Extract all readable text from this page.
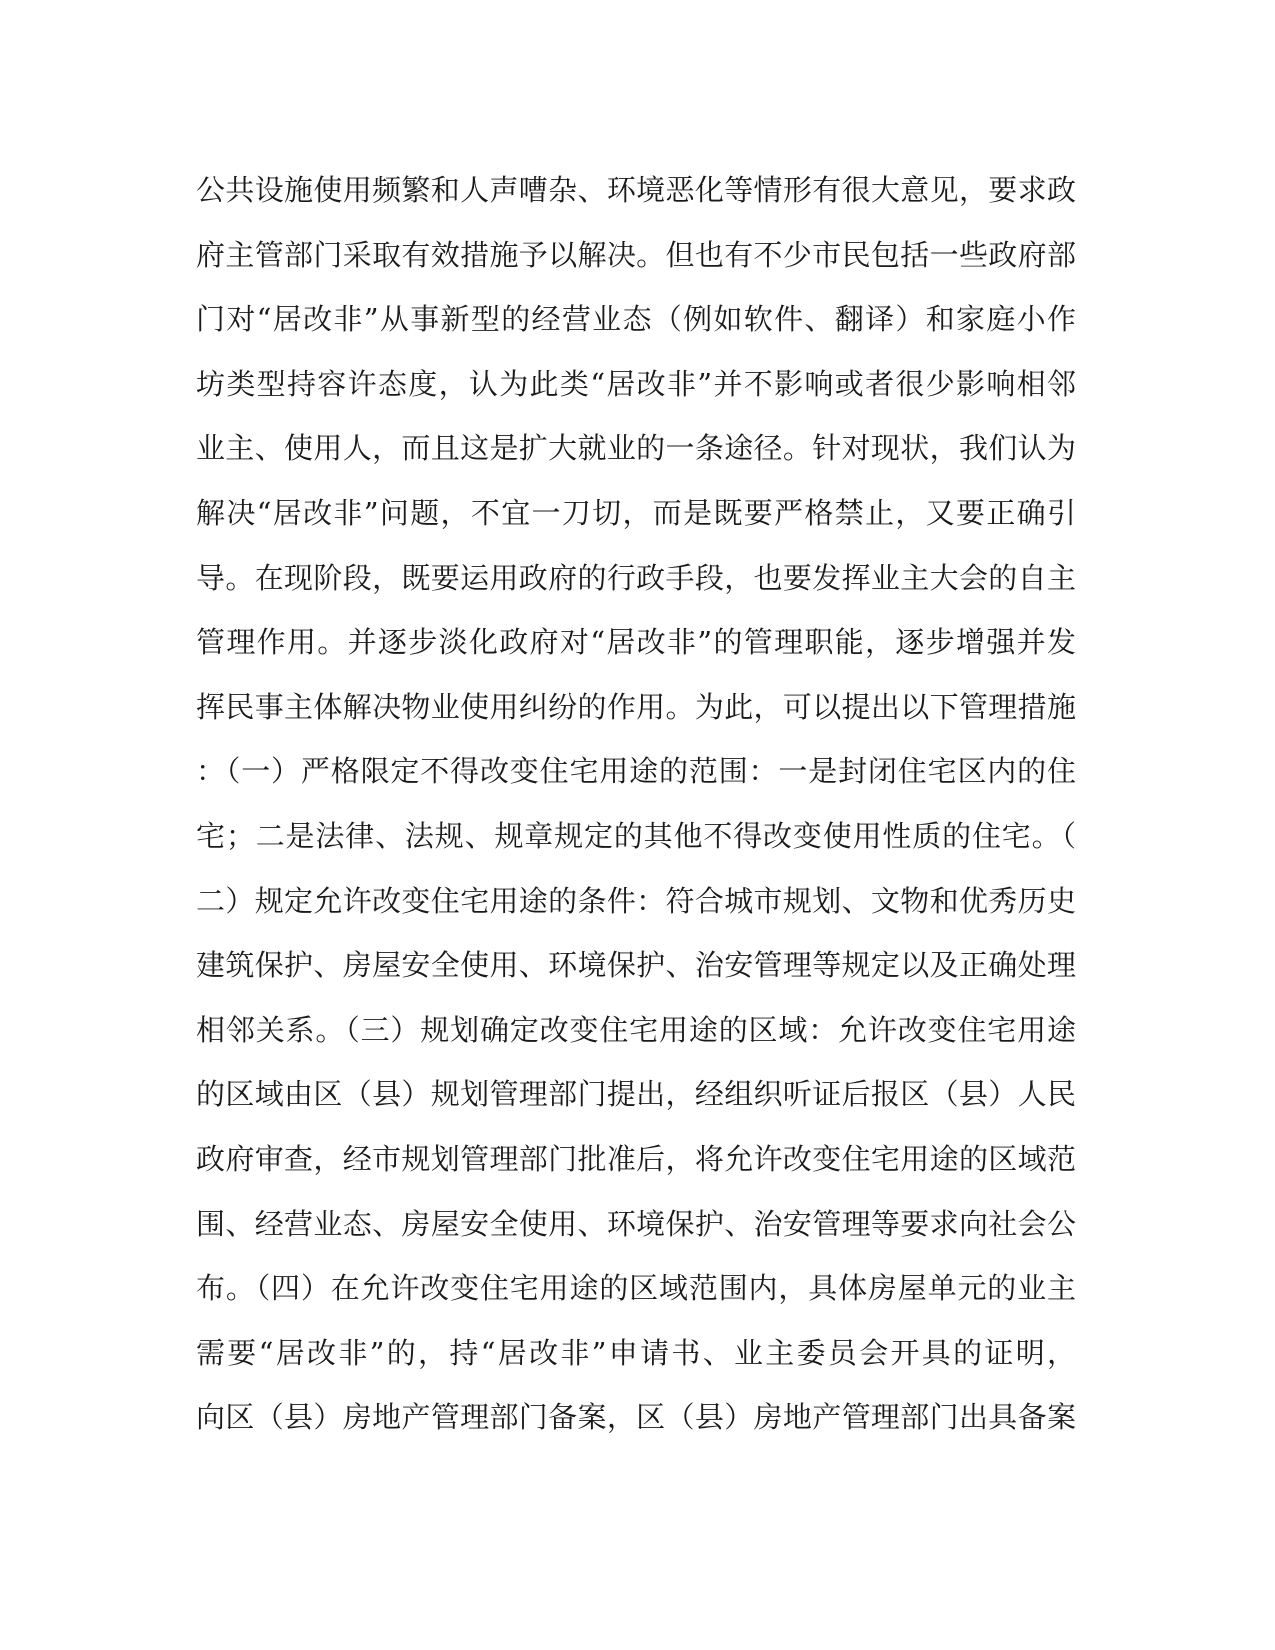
公共设施使用频繁和人声嘈杂、环境恶化等情形有很大意见，要求政
府主管部门采取有效措施予以解决。但也有不少市民包括一些政府部
门对“居改非”从事新型的经营业态（例如软件、翻译）和家庭小作
坊类型持容许态度，认为此类“居改非”并不影响或者很少影响相邻
业主、使用人，而且这是扩大就业的一条途径。针对现状，我们认为
解决“居改非”问题，不宜一刀切，而是既要严格禁止，又要正确引
导。在现阶段，既要运用政府的行政手段，也要发挥业主大会的自主
管理作用。并逐步淡化政府对“居改非”的管理职能，逐步增强并发
挥民事主体解决物业使用纠纷的作用。为此，可以提出以下管理措施
：（一）严格限定不得改变住宅用途的范围：一是封闭住宅区内的住
宅；二是法律、法规、规章规定的其他不得改变使用性质的住宅。（
二）规定允许改变住宅用途的条件：符合城市规划、文物和优秀历史
建筑保护、房屋安全使用、环境保护、治安管理等规定以及正确处理
相邻关系。（三）规划确定改变住宅用途的区域：允许改变住宅用途
的区域由区（县）规划管理部门提出，经组织听证后报区（县）人民
政府审查，经市规划管理部门批准后，将允许改变住宅用途的区域范
围、经营业态、房屋安全使用、环境保护、治安管理等要求向社会公
布。（四）在允许改变住宅用途的区域范围内，具体房屋单元的业主
需要“居改非”的，持“居改非”申请书、业主委员会开具的证明，
向区（县）房地产管理部门备案，区（县）房地产管理部门出具备案
